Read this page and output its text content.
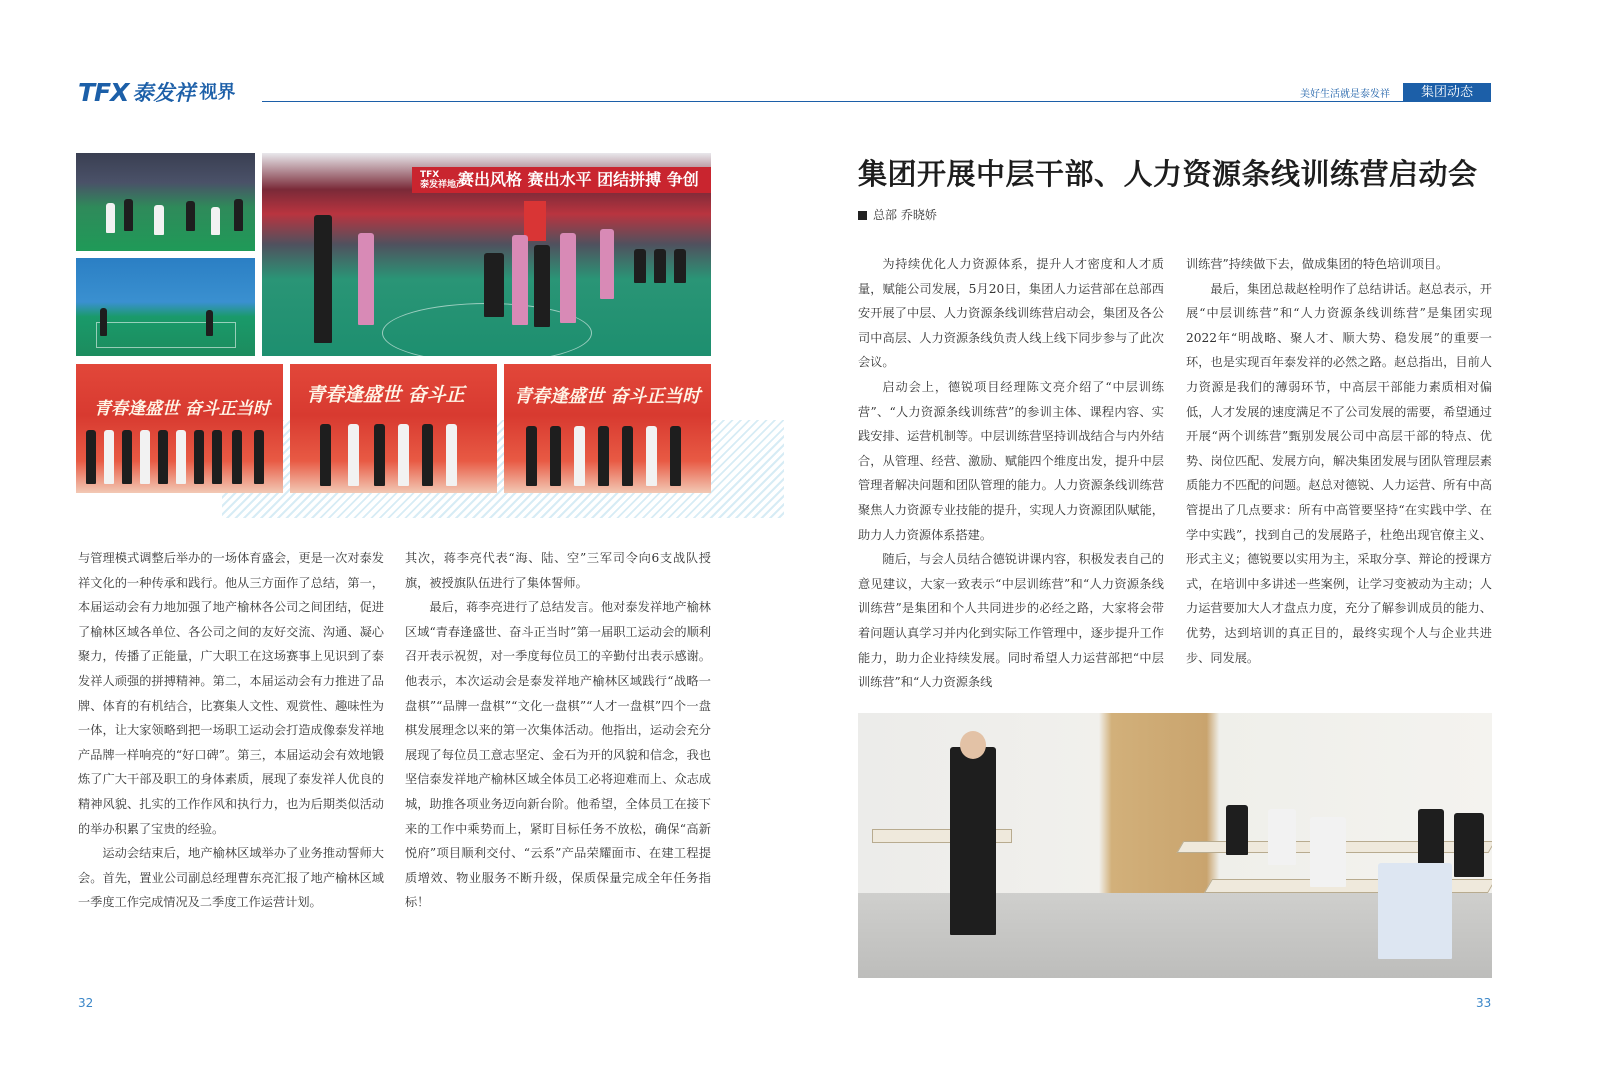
TFX 泰发祥 视界	美好生活就是泰发祥	集团动态
TFX
泰发祥地产
赛出风格 赛出水平 团结拼搏 争创
青春逢盛世 奋斗正当时
青春逢盛世 奋斗正	青春逢盛世 奋斗正当时

与管理模式调整后举办的一场体育盛会，更是一次对泰发祥文化的一种传承和践行。他从三方面作了总结，第一，本届运动会有力地加强了地产榆林各公司之间团结，促进了榆林区域各单位、各公司之间的友好交流、沟通、凝心聚力，传播了正能量，广大职工在这场赛事上见识到了泰发祥人顽强的拼搏精神。第二，本届运动会有力推进了品牌、体育的有机结合，比赛集人文性、观赏性、趣味性为一体，让大家领略到把一场职工运动会打造成像泰发祥地产品牌一样响亮的“好口碑”。第三，本届运动会有效地锻炼了广大干部及职工的身体素质，展现了泰发祥人优良的精神风貌、扎实的工作作风和执行力，也为后期类似活动的举办积累了宝贵的经验。

运动会结束后，地产榆林区域举办了业务推动誓师大会。首先，置业公司副总经理曹东亮汇报了地产榆林区域一季度工作完成情况及二季度工作运营计划。

其次，蒋李亮代表“海、陆、空”三军司令向6支战队授旗，被授旗队伍进行了集体誓师。

最后，蒋李亮进行了总结发言。他对泰发祥地产榆林区域“青春逢盛世、奋斗正当时”第一届职工运动会的顺利召开表示祝贺，对一季度每位员工的辛勤付出表示感谢。他表示，本次运动会是泰发祥地产榆林区域践行“战略一盘棋”“品牌一盘棋”“文化一盘棋”“人才一盘棋”四个一盘棋发展理念以来的第一次集体活动。他指出，运动会充分展现了每位员工意志坚定、金石为开的风貌和信念，我也坚信泰发祥地产榆林区域全体员工必将迎难而上、众志成城，助推各项业务迈向新台阶。他希望，全体员工在接下来的工作中乘势而上，紧盯目标任务不放松，确保“高新悦府”项目顺利交付、“云系”产品荣耀面市、在建工程提质增效、物业服务不断升级，保质保量完成全年任务指标！

32
集团开展中层干部、人力资源条线训练营启动会
总部 乔晓娇

为持续优化人力资源体系，提升人才密度和人才质量，赋能公司发展，5月20日，集团人力运营部在总部西安开展了中层、人力资源条线训练营启动会，集团及各公司中高层、人力资源条线负责人线上线下同步参与了此次会议。

启动会上，德锐项目经理陈文亮介绍了“中层训练营”、“人力资源条线训练营”的参训主体、课程内容、实践安排、运营机制等。中层训练营坚持训战结合与内外结合，从管理、经营、激励、赋能四个维度出发，提升中层管理者解决问题和团队管理的能力。人力资源条线训练营聚焦人力资源专业技能的提升，实现人力资源团队赋能，助力人力资源体系搭建。

随后，与会人员结合德锐讲课内容，积极发表自己的意见建议，大家一致表示“中层训练营”和“人力资源条线训练营”是集团和个人共同进步的必经之路，大家将会带着问题认真学习并内化到实际工作管理中，逐步提升工作能力，助力企业持续发展。同时希望人力运营部把“中层训练营”和“人力资源条线

训练营”持续做下去，做成集团的特色培训项目。

最后，集团总裁赵栓明作了总结讲话。赵总表示，开展“中层训练营”和“人力资源条线训练营”是集团实现2022年“明战略、聚人才、顺大势、稳发展”的重要一环，也是实现百年泰发祥的必然之路。赵总指出，目前人力资源是我们的薄弱环节，中高层干部能力素质相对偏低，人才发展的速度满足不了公司发展的需要，希望通过开展“两个训练营”甄别发展公司中高层干部的特点、优势、岗位匹配、发展方向，解决集团发展与团队管理层素质能力不匹配的问题。赵总对德锐、人力运营、所有中高管提出了几点要求：所有中高管要坚持“在实践中学、在学中实践”，找到自己的发展路子，杜绝出现官僚主义、形式主义；德锐要以实用为主，采取分享、辩论的授课方式，在培训中多讲述一些案例，让学习变被动为主动；人力运营要加大人才盘点力度，充分了解参训成员的能力、优势，达到培训的真正目的，最终实现个人与企业共进步、同发展。

33
